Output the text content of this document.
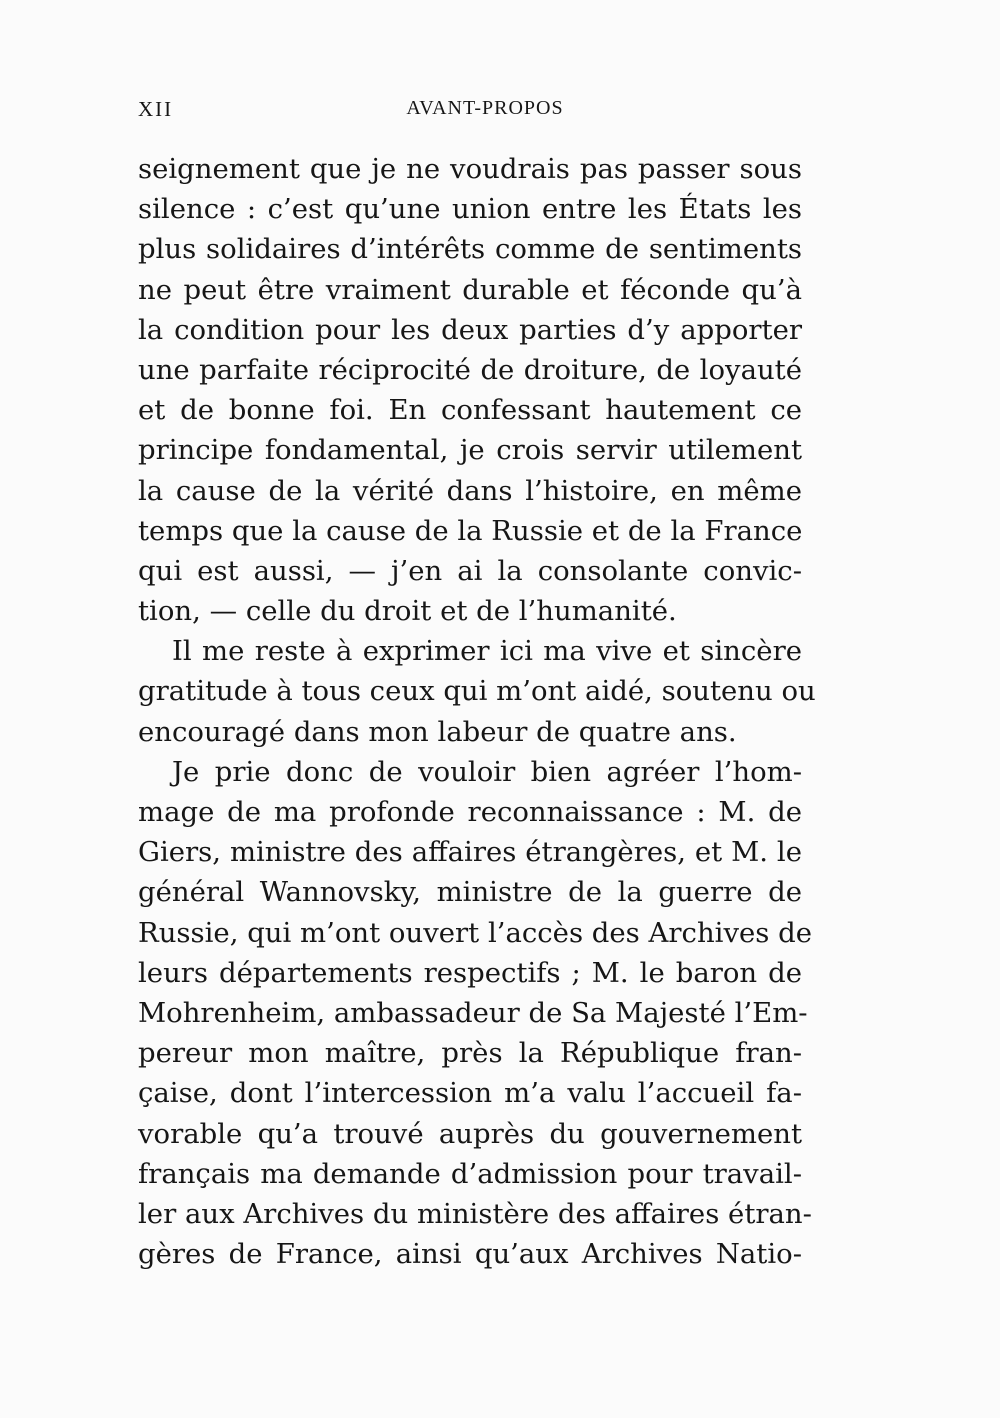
XII	AVANT-PROPOS
seignement que je ne voudrais pas passer sous
silence : c’est qu’une union entre les États les
plus solidaires d’intérêts comme de sentiments
ne peut être vraiment durable et féconde qu’à
la condition pour les deux parties d’y apporter
une parfaite réciprocité de droiture, de loyauté
et de bonne foi. En confessant hautement ce
principe fondamental, je crois servir utilement
la cause de la vérité dans l’histoire, en même
temps que la cause de la Russie et de la France
qui est aussi, — j’en ai la consolante convic-
tion, — celle du droit et de l’humanité.
Il me reste à exprimer ici ma vive et sincère
gratitude à tous ceux qui m’ont aidé, soutenu ou
encouragé dans mon labeur de quatre ans.
Je prie donc de vouloir bien agréer l’hom-
mage de ma profonde reconnaissance : M. de
Giers, ministre des affaires étrangères, et M. le
général Wannovsky, ministre de la guerre de
Russie, qui m’ont ouvert l’accès des Archives de
leurs départements respectifs ; M. le baron de
Mohrenheim, ambassadeur de Sa Majesté l’Em-
pereur mon maître, près la République fran-
çaise, dont l’intercession m’a valu l’accueil fa-
vorable qu’a trouvé auprès du gouvernement
français ma demande d’admission pour travail-
ler aux Archives du ministère des affaires étran-
gères de France, ainsi qu’aux Archives Natio-
